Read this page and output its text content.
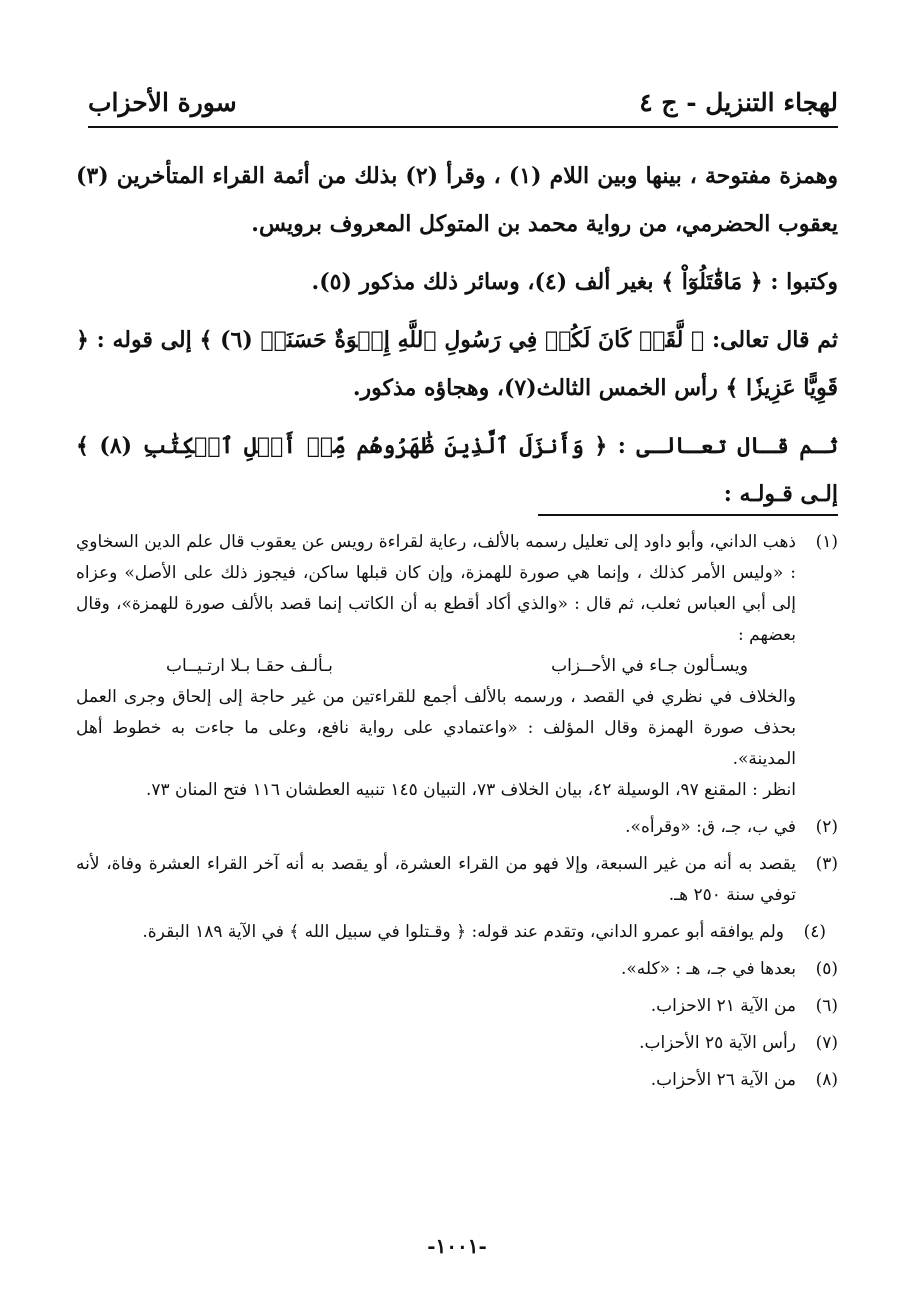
لهجاء التنزيل - ج ٤
سورة الأحزاب

وهمزة مفتوحة ، بينها وبين اللام (١) ، وقرأ (٢) بذلك من أئمة القراء المتأخرين (٣) يعقوب الحضرمي، من رواية محمد بن المتوكل المعروف برويس.

وكتبوا : ﴿ مَاقَٰتَلُوٓاْ ﴾ بغير ألف (٤)، وسائر ذلك مذكور (٥).

ثم قال تعالى: ﴿ لَّقَدۡ كَانَ لَكُمۡ فِي رَسُولِ ٱللَّهِ إِسۡوَةٌ حَسَنَةٞ (٦) ﴾ إلى قوله : ﴿ قَوِيًّا عَزِيزٗا ﴾ رأس الخمس الثالث(٧)، وهجاؤه مذكور.

ثـم قـال تعـالـى : ﴿ وَأَنزَلَ ٱلَّذِينَ ظَٰهَرُوهُم مِّنۡ أَهۡلِ ٱلۡكِتَٰبِ (٨) ﴾ إلـى قـولـه :

(١)
ذهب الداني، وأبو داود إلى تعليل رسمه بالألف، رعاية لقراءة رويس عن يعقوب قال علم الدين السخاوي : «وليس الأمر كذلك ، وإنما هي صورة للهمزة، وإن كان قبلها ساكن، فيجوز ذلك على الأصل» وعزاه إلى أبي العباس ثعلب، ثم قال : «والذي أكاد أقطع به أن الكاتب إنما قصد بالألف صورة للهمزة»، وقال بعضهم :
ويسـألون جـاء في الأحــزاب
بـألـف حقـا بـلا ارتـيــاب
والخلاف في نظري في القصد ، ورسمه بالألف أجمع للقراءتين من غير حاجة إلى إلحاق وجرى العمل بحذف صورة الهمزة وقال المؤلف : «واعتمادي على رواية نافع، وعلى ما جاءت به خطوط أهل المدينة».
انظر : المقنع ٩٧، الوسيلة ٤٢، بيان الخلاف ٧٣، التبيان ١٤٥ تنبيه العطشان ١١٦ فتح المنان ٧٣.
(٢)
في ب، جـ، ق: «وقرأه».
(٣)
يقصد به أنه من غير السبعة، وإلا فهو من القراء العشرة، أو يقصد به أنه آخر القراء العشرة وفاة، لأنه توفي سنة ٢٥٠ هـ.
(٤)
ولم يوافقه أبو عمرو الداني، وتقدم عند قوله: ﴿ وقـتلوا في سبيل الله ﴾ في الآية ١٨٩ البقرة.
(٥)
بعدها في جـ، هـ : «كله».
(٦)
من الآية ٢١ الاحزاب.
(٧)
رأس الآية ٢٥ الأحزاب.
(٨)
من الآية ٢٦ الأحزاب.
-١٠٠١-
